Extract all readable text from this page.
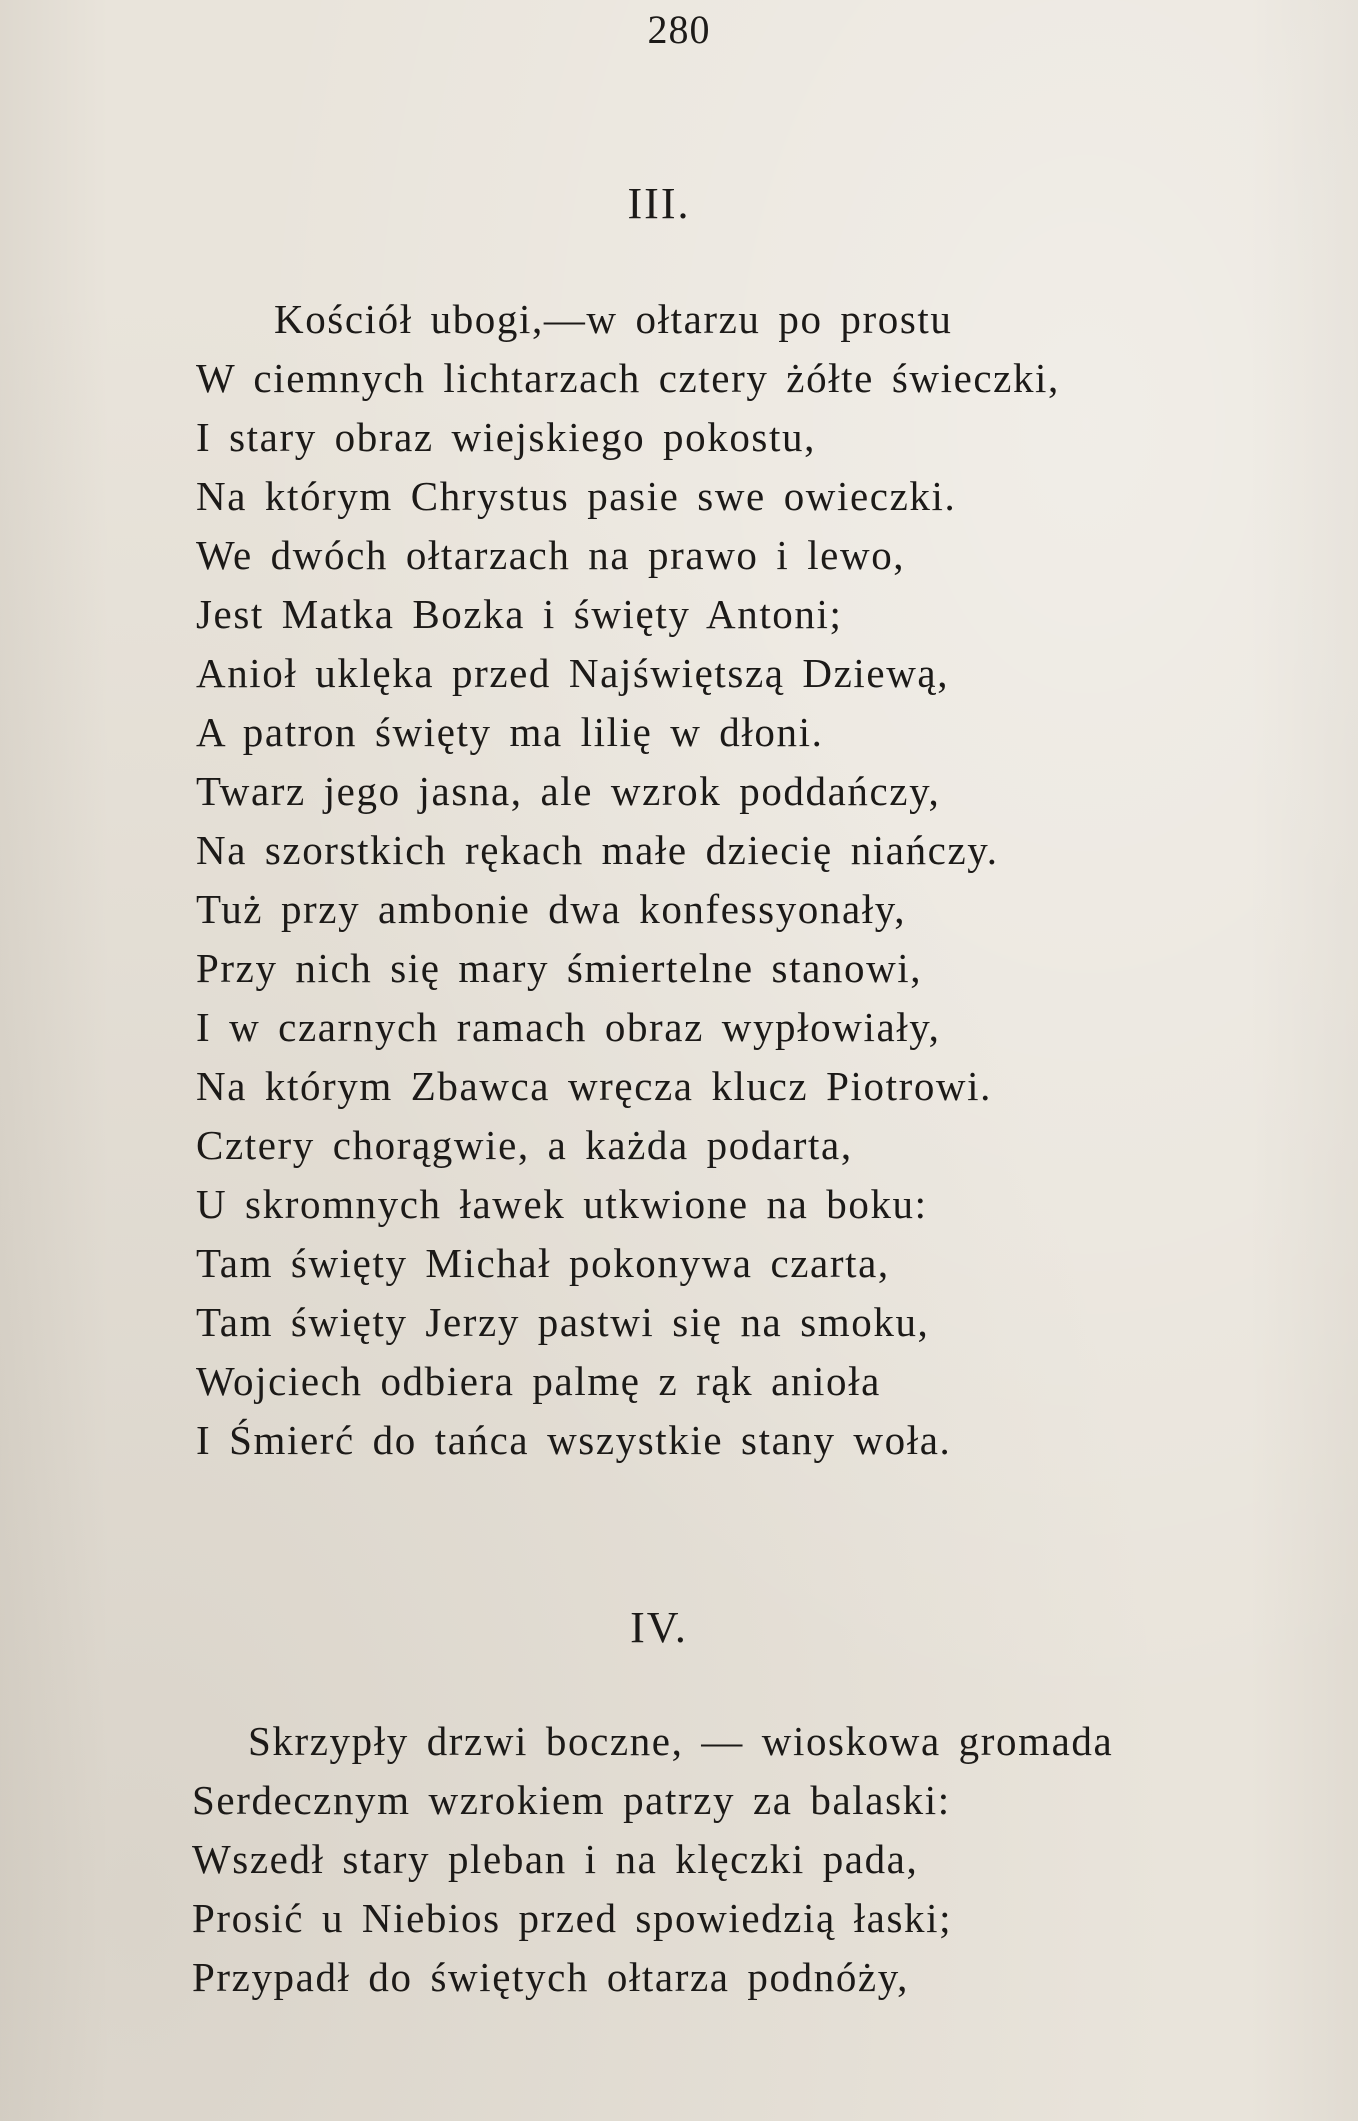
280
III.
Kościół ubogi,—w ołtarzu po prostu
W ciemnych lichtarzach cztery żółte świeczki,
I stary obraz wiejskiego pokostu,
Na którym Chrystus pasie swe owieczki.
We dwóch ołtarzach na prawo i lewo,
Jest Matka Bozka i święty Antoni;
Anioł uklęka przed Najświętszą Dziewą,
A patron święty ma lilię w dłoni.
Twarz jego jasna, ale wzrok poddańczy,
Na szorstkich rękach małe dziecię niańczy.
Tuż przy ambonie dwa konfessyonały,
Przy nich się mary śmiertelne stanowi,
I w czarnych ramach obraz wypłowiały,
Na którym Zbawca wręcza klucz Piotrowi.
Cztery chorągwie, a każda podarta,
U skromnych ławek utkwione na boku:
Tam święty Michał pokonywa czarta,
Tam święty Jerzy pastwi się na smoku,
Wojciech odbiera palmę z rąk anioła
I Śmierć do tańca wszystkie stany woła.
IV.
Skrzypły drzwi boczne, — wioskowa gromada
Serdecznym wzrokiem patrzy za balaski:
Wszedł stary pleban i na klęczki pada,
Prosić u Niebios przed spowiedzią łaski;
Przypadł do świętych ołtarza podnóży,
